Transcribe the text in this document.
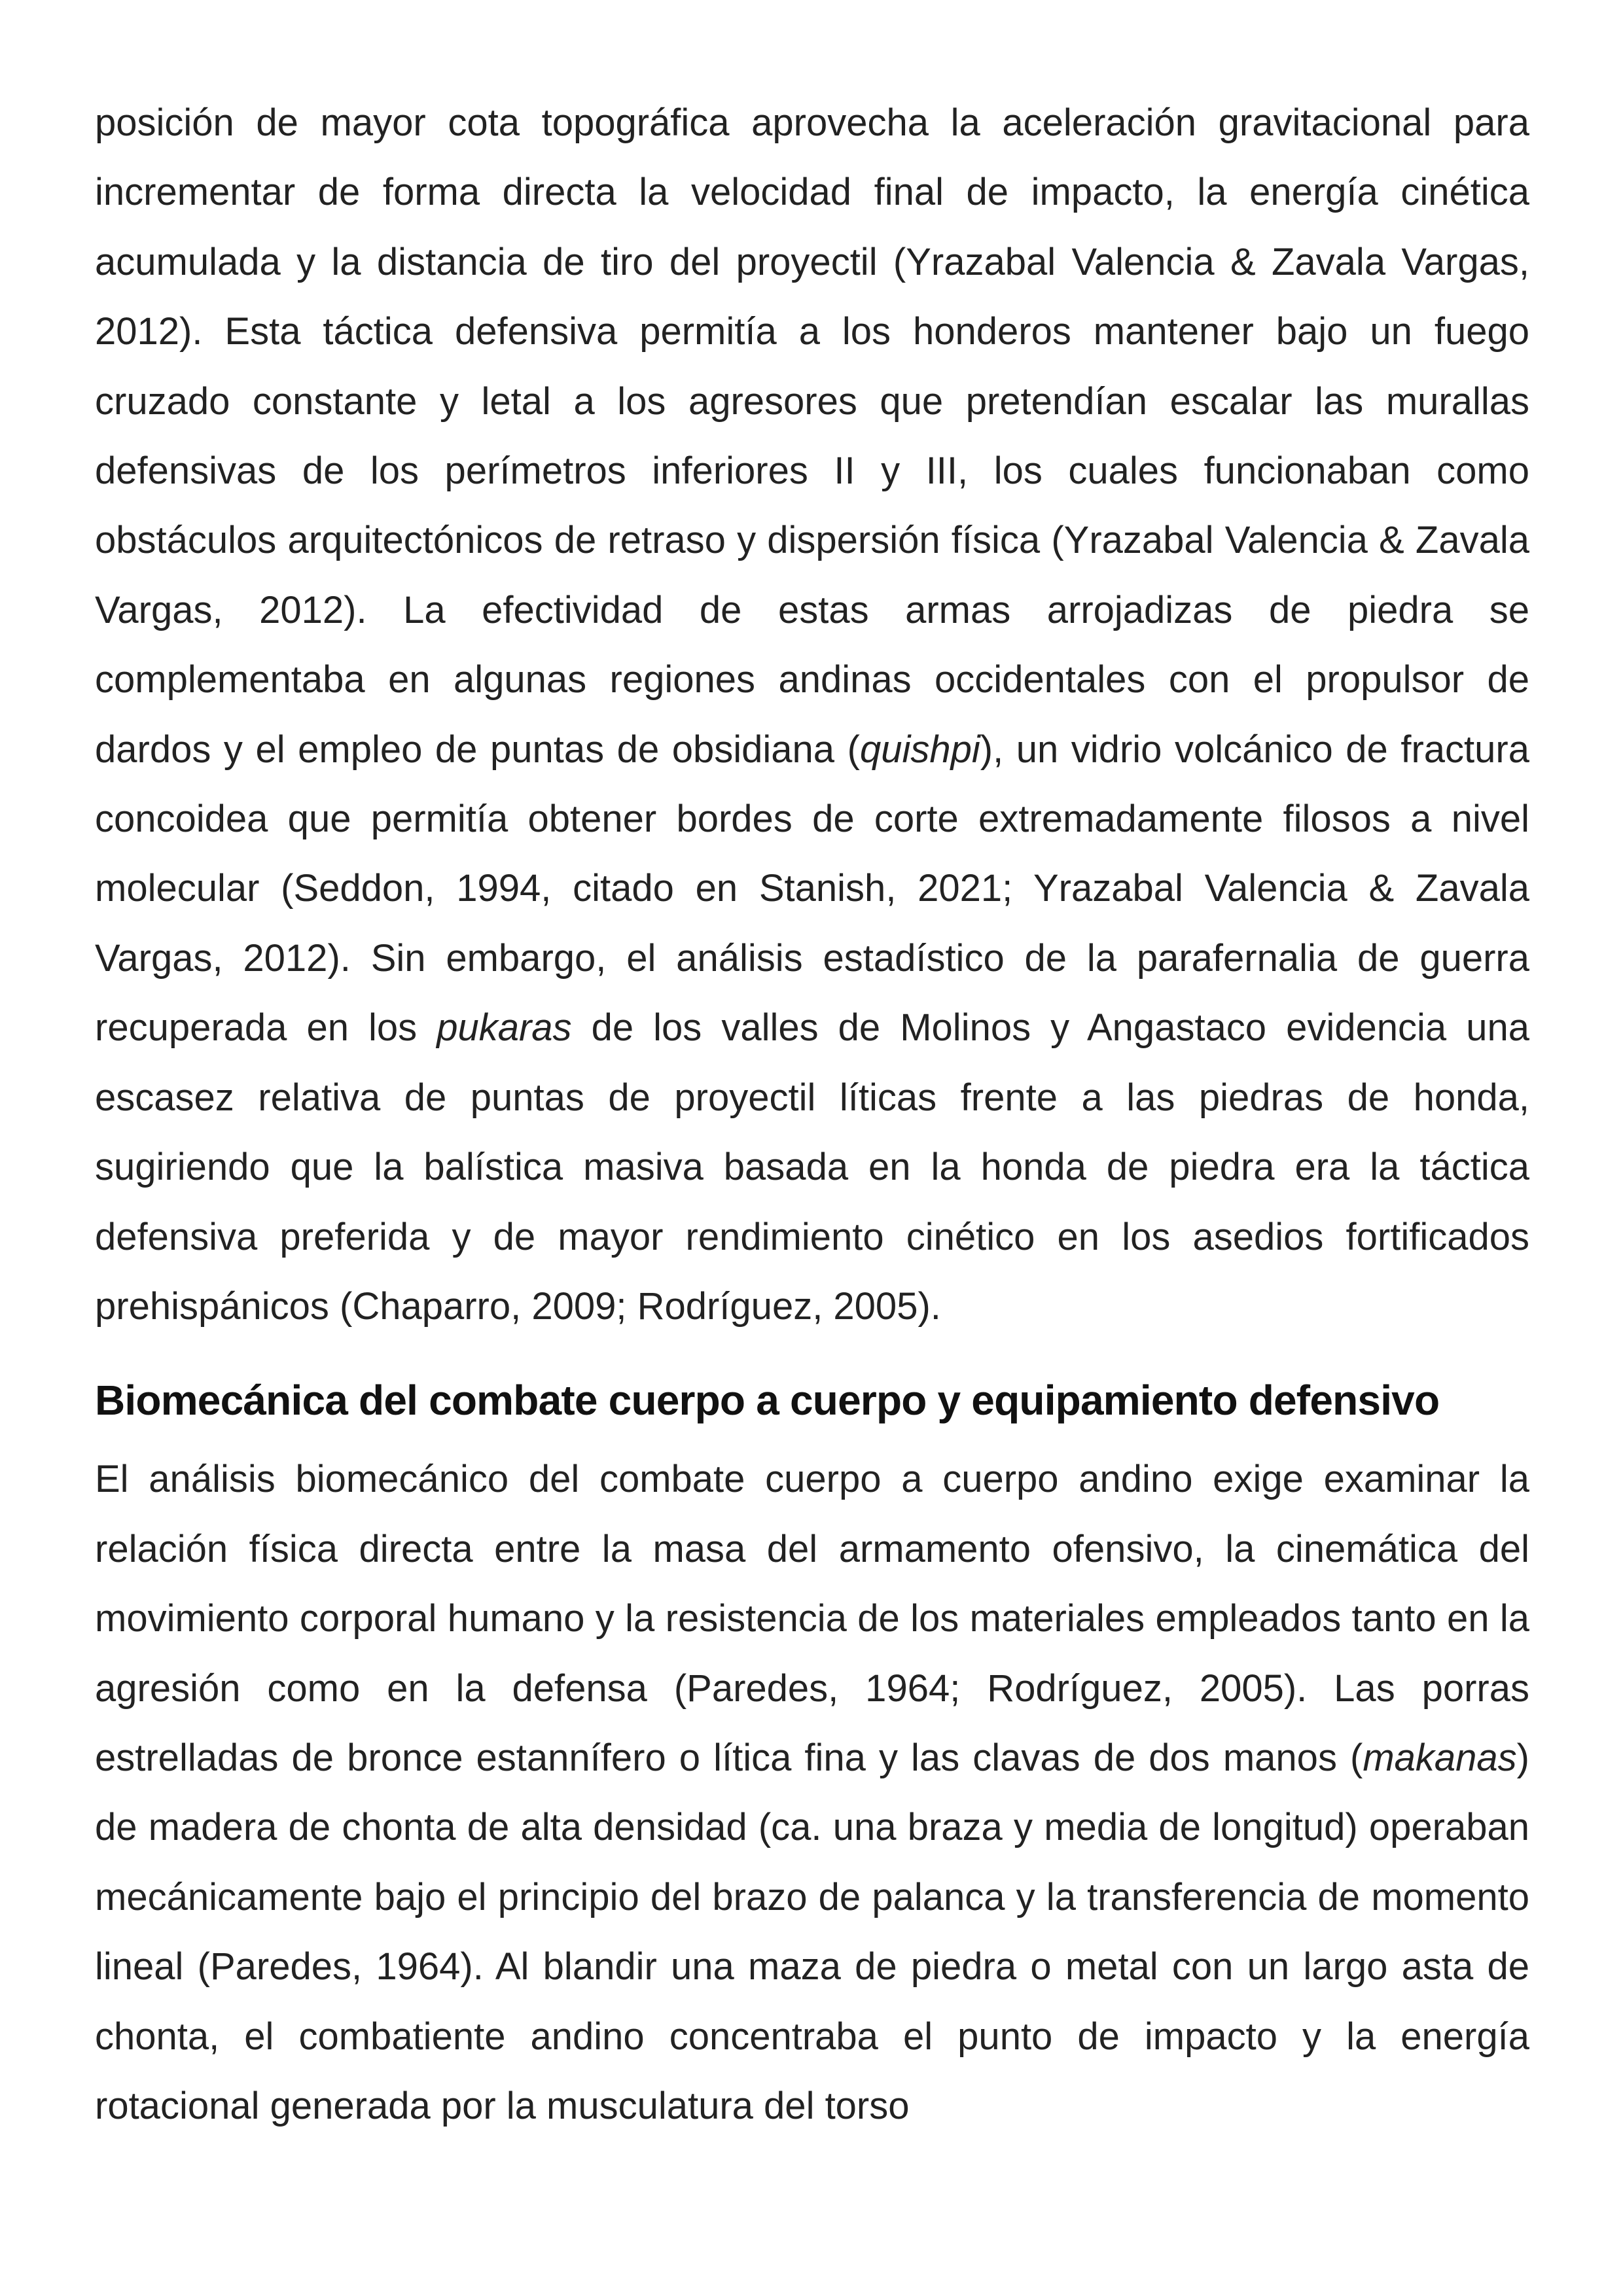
posición de mayor cota topográfica aprovecha la aceleración gravitacional para incrementar de forma directa la velocidad final de impacto, la energía cinética acumulada y la distancia de tiro del proyectil (Yrazabal Valencia & Zavala Vargas, 2012). Esta táctica defensiva permitía a los honderos mantener bajo un fuego cruzado constante y letal a los agresores que pretendían escalar las murallas defensivas de los perímetros inferiores II y III, los cuales funcionaban como obstáculos arquitectónicos de retraso y dispersión física (Yrazabal Valencia & Zavala Vargas, 2012). La efectividad de estas armas arrojadizas de piedra se complementaba en algunas regiones andinas occidentales con el propulsor de dardos y el empleo de puntas de obsidiana (quishpi), un vidrio volcánico de fractura concoidea que permitía obtener bordes de corte extremadamente filosos a nivel molecular (Seddon, 1994, citado en Stanish, 2021; Yrazabal Valencia & Zavala Vargas, 2012). Sin embargo, el análisis estadístico de la parafernalia de guerra recuperada en los pukaras de los valles de Molinos y Angastaco evidencia una escasez relativa de puntas de proyectil líticas frente a las piedras de honda, sugiriendo que la balística masiva basada en la honda de piedra era la táctica defensiva preferida y de mayor rendimiento cinético en los asedios fortificados prehispánicos (Chaparro, 2009; Rodríguez, 2005).

Biomecánica del combate cuerpo a cuerpo y equipamiento defensivo

El análisis biomecánico del combate cuerpo a cuerpo andino exige examinar la relación física directa entre la masa del armamento ofensivo, la cinemática del movimiento corporal humano y la resistencia de los materiales empleados tanto en la agresión como en la defensa (Paredes, 1964; Rodríguez, 2005). Las porras estrelladas de bronce estannífero o lítica fina y las clavas de dos manos (makanas) de madera de chonta de alta densidad (ca. una braza y media de longitud) operaban mecánicamente bajo el principio del brazo de palanca y la transferencia de momento lineal (Paredes, 1964). Al blandir una maza de piedra o metal con un largo asta de chonta, el combatiente andino concentraba el punto de impacto y la energía rotacional generada por la musculatura del torso
